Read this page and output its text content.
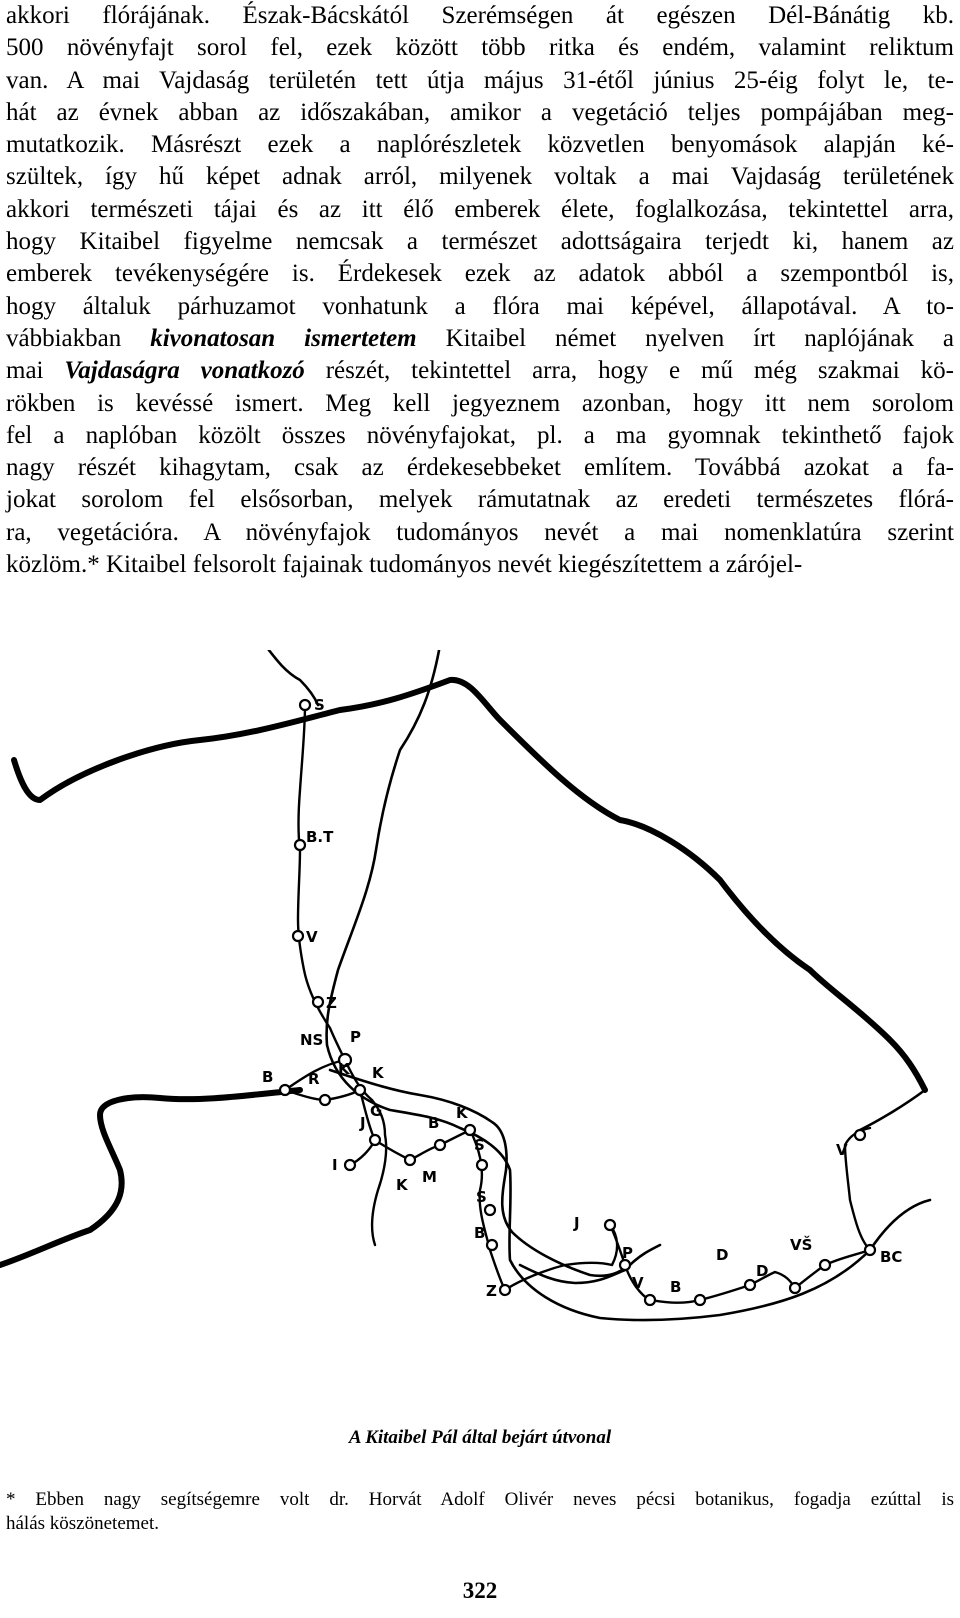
akkori flórájának. Észak-Bácskától Szerémségen át egészen Dél-Bánátig kb.
500 növényfajt sorol fel, ezek között több ritka és endém, valamint reliktum
van. A mai Vajdaság területén tett útja május 31-étől június 25-éig folyt le, te-
hát az évnek abban az időszakában, amikor a vegetáció teljes pompájában meg-
mutatkozik. Másrészt ezek a naplórészletek közvetlen benyomások alapján ké-
szültek, így hű képet adnak arról, milyenek voltak a mai Vajdaság területének
akkori természeti tájai és az itt élő emberek élete, foglalkozása, tekintettel arra,
hogy Kitaibel figyelme nemcsak a természet adottságaira terjedt ki, hanem az
emberek tevékenységére is. Érdekesek ezek az adatok abból a szempontból is,
hogy általuk párhuzamot vonhatunk a flóra mai képével, állapotával. A to-
vábbiakban kivonatosan ismertetem Kitaibel német nyelven írt naplójának a
mai Vajdaságra vonatkozó részét, tekintettel arra, hogy e mű még szakmai kö-
rökben is kevéssé ismert. Meg kell jegyeznem azonban, hogy itt nem sorolom
fel a naplóban közölt összes növényfajokat, pl. a ma gyomnak tekinthető fajok
nagy részét kihagytam, csak az érdekesebbeket említem. Továbbá azokat a fa-
jokat sorolom fel elsősorban, melyek rámutatnak az eredeti természetes flórá-
ra, vegetációra. A növényfajok tudományos nevét a mai nomenklatúra szerint
közlöm.* Kitaibel felsorolt fajainak tudományos nevét kiegészítettem a zárójel-
S
B.T
V
Z
NS P
B R
K K
G
I
J	B
K
K M
S
S
B
Z
J
P
V B
D
D
VŠ
BC
V

A Kitaibel Pál által bejárt útvonal

* Ebben nagy segítségemre volt dr. Horvát Adolf Olivér neves pécsi botanikus, fogadja ezúttal is
hálás köszönetemet.

322
